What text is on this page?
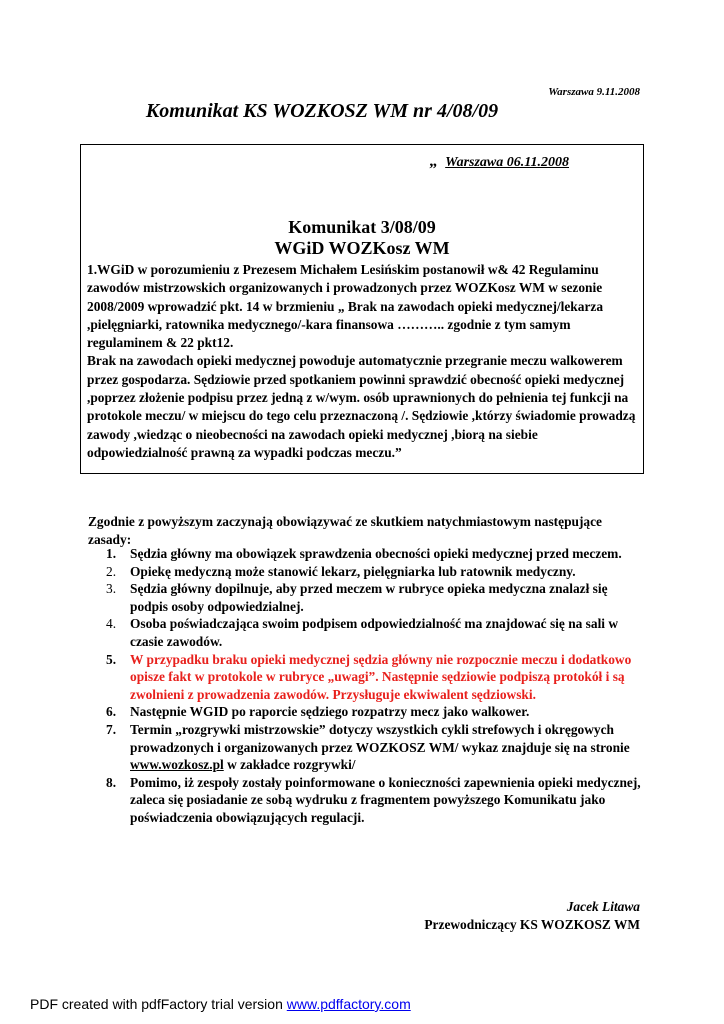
Warszawa 9.11.2008
Komunikat KS WOZKOSZ WM nr 4/08/09
„ Warszawa 06.11.2008
Komunikat 3/08/09
WGiD WOZKosz WM

1.WGiD w porozumieniu z Prezesem Michałem Lesińskim postanowił w& 42 Regulaminu zawodów mistrzowskich organizowanych i prowadzonych przez WOZKosz WM w sezonie 2008/2009 wprowadzić pkt. 14 w brzmieniu „ Brak na zawodach opieki medycznej/lekarza ,pielęgniarki, ratownika medycznego/-kara finansowa ……….. zgodnie z tym samym regulaminem & 22 pkt12.

Brak na zawodach opieki medycznej powoduje automatycznie przegranie meczu walkowerem przez gospodarza. Sędziowie przed spotkaniem powinni sprawdzić obecność opieki medycznej ,poprzez złożenie podpisu przez jedną z w/wym. osób uprawnionych do pełnienia tej funkcji na protokole meczu/ w miejscu do tego celu przeznaczoną /. Sędziowie ,którzy świadomie prowadzą zawody ,wiedząc o nieobecności na zawodach opieki medycznej ,biorą na siebie odpowiedzialność prawną za wypadki podczas meczu.”

Zgodnie z powyższym zaczynają obowiązywać ze skutkiem natychmiastowym następujące zasady:
1. Sędzia główny ma obowiązek sprawdzenia obecności opieki medycznej przed meczem.
2. Opiekę medyczną może stanowić lekarz, pielęgniarka lub ratownik medyczny.
3. Sędzia główny dopilnuje, aby przed meczem w rubryce opieka medyczna znalazł się podpis osoby odpowiedzialnej.
4. Osoba poświadczająca swoim podpisem odpowiedzialność ma znajdować się na sali w czasie zawodów.
5. W przypadku braku opieki medycznej sędzia główny nie rozpocznie meczu i dodatkowo opisze fakt w protokole w rubryce „uwagi”. Następnie sędziowie podpiszą protokół i są zwolnieni z prowadzenia zawodów. Przysługuje ekwiwalent sędziowski.
6. Następnie WGID po raporcie sędziego rozpatrzy mecz jako walkower.
7. Termin „rozgrywki mistrzowskie” dotyczy wszystkich cykli strefowych i okręgowych prowadzonych i organizowanych przez WOZKOSZ WM/ wykaz znajduje się na stronie www.wozkosz.pl w zakładce rozgrywki/
8. Pomimo, iż zespoły zostały poinformowane o konieczności zapewnienia opieki medycznej, zaleca się posiadanie ze sobą wydruku z fragmentem powyższego Komunikatu jako poświadczenia obowiązujących regulacji.
Jacek Litawa
Przewodniczący KS WOZKOSZ WM
PDF created with pdfFactory trial version www.pdffactory.com
